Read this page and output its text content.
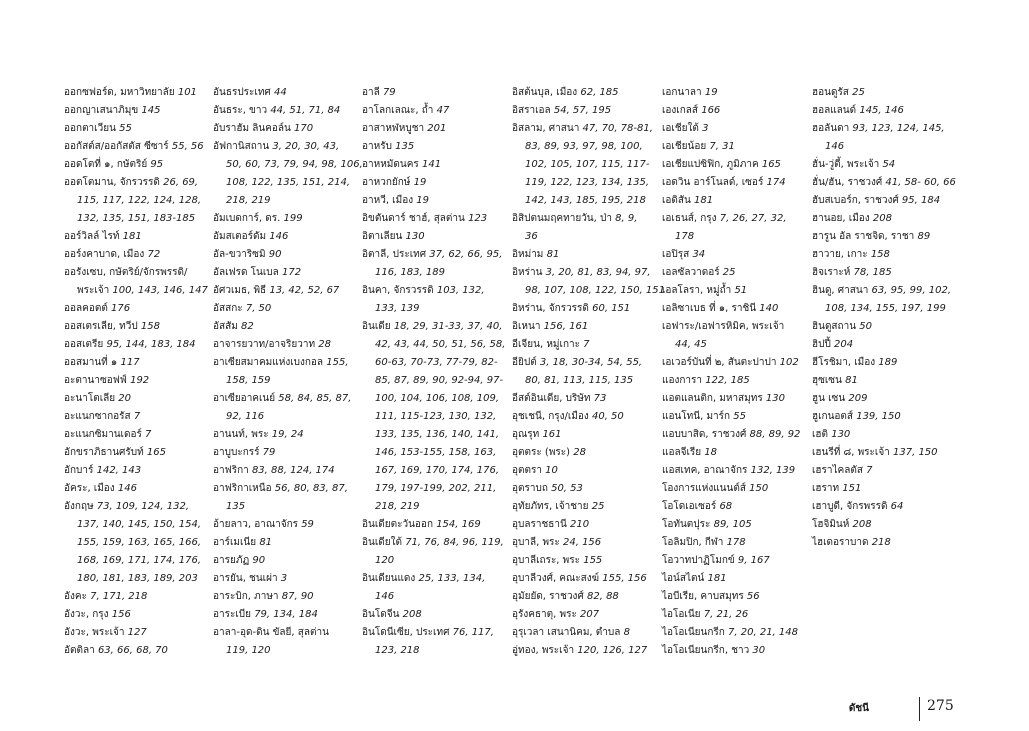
ออกซฟอร์ด, มหาวิทยาลัย 101
ออกญาเสนาภิมุข 145
ออกตาเวียน 55
ออกัสต์ส/ออกัสตัส ซีซาร์ 55, 56
ออดโตที่ ๑, กษัตริย์ 95
ออตโตมาน, จักรวรรดิ 26, 69,
115, 117, 122, 124, 128,
132, 135, 151, 183-185
ออร์วิลล์ ไรท์ 181
ออร์งคาบาด, เมือง 72
ออรังเซบ, กษัตริย์/จักรพรรดิ/
พระเจ้า 100, 143, 146, 147
ออลคอตต์ 176
ออสเตรเลีย, ทวีป 158
ออสเตรีย 95, 144, 183, 184
ออสมานที่ ๑ 117
อะตานาซอฟฟ์ 192
อะนาโตเลีย 20
อะแนกซากอรัส 7
อะแนกซิมานเดอร์ 7
อักขราภิธานศรับท์ 165
อักบาร์ 142, 143
อัคระ, เมือง 146
อังกฤษ 73, 109, 124, 132,
137, 140, 145, 150, 154,
155, 159, 163, 165, 166,
168, 169, 171, 174, 176,
180, 181, 183, 189, 203
อังคะ 7, 171, 218
อังวะ, กรุง 156
อังวะ, พระเจ้า 127
อัตติลา 63, 66, 68, 70
อันธรประเทศ 44
อันธระ, ขาว 44, 51, 71, 84
อับราฮัม ลินคอล์น 170
อัฟกานิสถาน 3, 20, 30, 43,
50, 60, 73, 79, 94, 98, 106,
108, 122, 135, 151, 214,
218, 219
อัมเบดการ์, ดร. 199
อัมสเตอร์ดัม 146
อัล-ขวาริซมิ 90
อัลเฟรด โนเบล 172
อัศวเมธ, พิธี 13, 42, 52, 67
อัสสกะ 7, 50
อัสสัม 82
อาจารยวาท/อาจริยวาท 28
อาเซียสมาคมแห่งเบงกอล 155,
158, 159
อาเซียอาคเนย์ 58, 84, 85, 87,
92, 116
อานนท์, พระ 19, 24
อาบูบะกรร์ 79
อาฟริกา 83, 88, 124, 174
อาฟริกาเหนือ 56, 80, 83, 87,
135
อ้ายลาว, อาณาจักร 59
อาร์เมเนีย 81
อารยภัฏ 90
อารยัน, ชนเผ่า 3
อาระบิก, ภาษา 87, 90
อาระเบีย 79, 134, 184
อาลา-อุด-ดิน ขัลยี, สุลต่าน
119, 120
อาลี 79
อาโลกเลณะ, ถ้ำ 47
อาสาหฬหบูชา 201
อาหรับ 135
อาหหมัดนคร 141
อาหวกยักษ์ 19
อาหวี, เมือง 19
อิขตันดาร์ ชาฮ์, สุลต่าน 123
อิตาเลียน 130
อิตาลี, ประเทศ 37, 62, 66, 95,
116, 183, 189
อินคา, จักรวรรดิ 103, 132,
133, 139
อินเดีย 18, 29, 31-33, 37, 40,
42, 43, 44, 50, 51, 56, 58,
60-63, 70-73, 77-79, 82-
85, 87, 89, 90, 92-94, 97-
100, 104, 106, 108, 109,
111, 115-123, 130, 132,
133, 135, 136, 140, 141,
146, 153-155, 158, 163,
167, 169, 170, 174, 176,
179, 197-199, 202, 211,
218, 219
อินเดียตะวันออก 154, 169
อินเดียใต้ 71, 76, 84, 96, 119,
120
อินเดียนแดง 25, 133, 134,
146
อินโดจีน 208
อินโดนีเซีย, ประเทศ 76, 117,
123, 218
อิสต้นบุล, เมือง 62, 185
อิสราเอล 54, 57, 195
อิสลาม, ศาสนา 47, 70, 78-81,
83, 89, 93, 97, 98, 100,
102, 105, 107, 115, 117-
119, 122, 123, 134, 135,
142, 143, 185, 195, 218
อิสิปตนมฤคทายวัน, ป่า 8, 9,
36
อิหม่าม 81
อิหร่าน 3, 20, 81, 83, 94, 97,
98, 107, 108, 122, 150, 151
อิหร่าน, จักรวรรดิ 60, 151
อิเหนา 156, 161
อีเจียน, หมู่เกาะ 7
อียิปต์ 3, 18, 30-34, 54, 55,
80, 81, 113, 115, 135
อีสต์อินเดีย, บริษัท 73
อุชเชนี, กรุง/เมือง 40, 50
อุณรุท 161
อุตตระ (พระ) 28
อุตตรา 10
อุตราบถ 50, 53
อุทัยภัทร, เจ้าชาย 25
อุบลราชธานี 210
อุบาลี, พระ 24, 156
อุบาลีเถระ, พระ 155
อุบาลีวงศ์, คณะสงฆ์ 155, 156
อุมัยยัด, ราชวงศ์ 82, 88
อุรังคธาตุ, พระ 207
อุรุเวลา เสนานิคม, ตำบล 8
อู่ทอง, พระเจ้า 120, 126, 127
เอกนาลา 19
เองเกลส์ 166
เอเชียใต้ 3
เอเชียน้อย 7, 31
เอเชียแปซิฟิก, ภูมิภาค 165
เอดวิน อาร์โนลด์, เซอร์ 174
เอดิสัน 181
เอเธนส์, กรุง 7, 26, 27, 32,
178
เอปิรุส 34
เอลซัลวาดอร์ 25
เอลโลรา, หมู่ถ้ำ 51
เอลิซาเบธ ที่ ๑, ราชินี 140
เอฟาระ/เอฟารหิมิค, พระเจ้า
44, 45
เอเวอร์บันที่ ๒, สันตะปาปา 102
แองการา 122, 185
แอตแลนติก, มหาสมุทร 130
แอนโทนี, มาร์ก 55
แอบบาสิด, ราชวงศ์ 88, 89, 92
แอลจีเรีย 18
แอสเทค, อาณาจักร 132, 139
โองการแห่งแนนต์ส์ 150
โอโดเอเซอร์ 68
โอทันตปุระ 89, 105
โอลิมปิก, กีฬา 178
โอวาทปาฏิโมกข์ 9, 167
ไอน์สไตน์ 181
ไอบีเรีย, คาบสมุทร 56
ไอโอเนีย 7, 21, 26
ไอโอเนียนกรีก 7, 20, 21, 148
ไอโอเนียนกรีก, ชาว 30
ฮอนดูรัส 25
ฮอลแลนด์ 145, 146
ฮอลันดา 93, 123, 124, 145,
146
ฮั่น-วู่ตี้, พระเจ้า 54
ฮั่น/ฮัน, ราชวงศ์ 41, 58- 60, 66
ฮับสเบอร์ก, ราชวงศ์ 95, 184
ฮานอย, เมือง 208
ฮารูน อัล ราชจิด, ราชา 89
ฮาวาย, เกาะ 158
ฮิจเราะห์ 78, 185
ฮินดู, ศาสนา 63, 95, 99, 102,
108, 134, 155, 197, 199
ฮินดูสถาน 50
ฮิปปี้ 204
ฮีโรชิมา, เมือง 189
ฮุซเซน 81
ฮูน เซน 209
ฮูเกนอตส์ 139, 150
เฮติ 130
เฮนรีที่ ๘, พระเจ้า 137, 150
เฮราไคลตัส 7
เฮราท 151
เฮาบูดี, จักรพรรดิ 64
โฮจิมินห์ 208
ไฮเดอราบาด 218
ดัชนี	275
